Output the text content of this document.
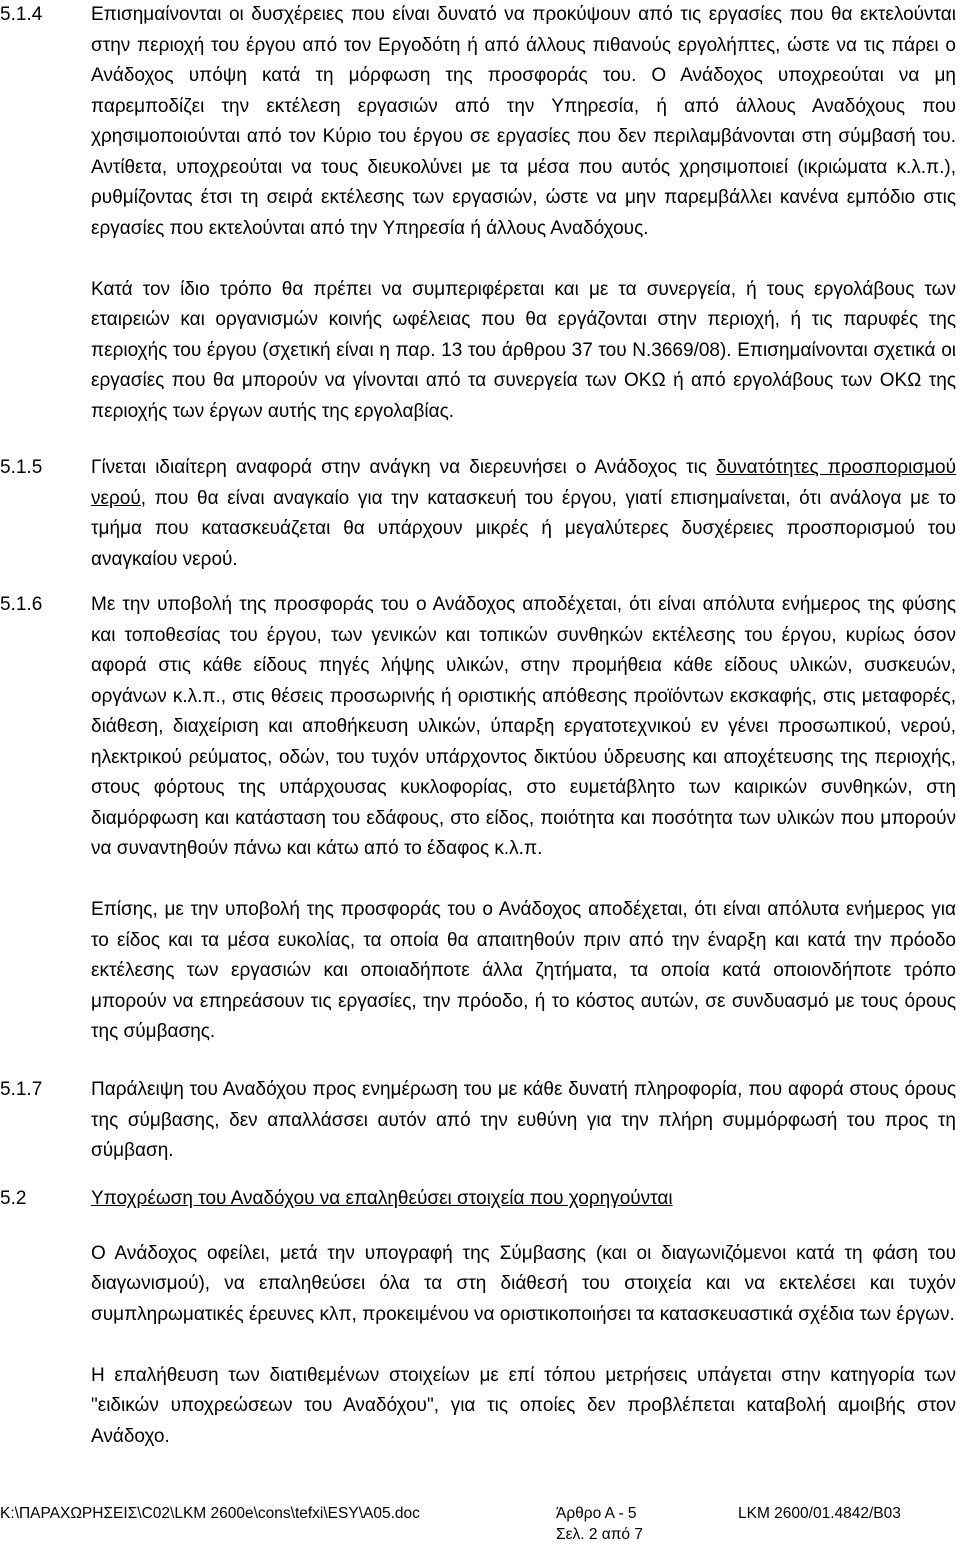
5.1.4	Επισημαίνονται οι δυσχέρειες που είναι δυνατό να προκύψουν από τις εργασίες που θα εκτελούνται στην περιοχή του έργου από τον Εργοδότη ή από άλλους πιθανούς εργολήπτες, ώστε να τις πάρει ο Ανάδοχος υπόψη κατά τη μόρφωση της προσφοράς του. Ο Ανάδοχος υποχρεούται να μη παρεμποδίζει την εκτέλεση εργασιών από την Υπηρεσία, ή από άλλους Αναδόχους που χρησιμοποιούνται από τον Κύριο του έργου σε εργασίες που δεν περιλαμβάνονται στη σύμβασή του. Αντίθετα, υποχρεούται να τους διευκολύνει με τα μέσα που αυτός χρησιμοποιεί (ικριώματα κ.λ.π.), ρυθμίζοντας έτσι τη σειρά εκτέλεσης των εργασιών, ώστε να μην παρεμβάλλει κανένα εμπόδιο στις εργασίες που εκτελούνται από την Υπηρεσία ή άλλους Αναδόχους.

Κατά τον ίδιο τρόπο θα πρέπει να συμπεριφέρεται και με τα συνεργεία, ή τους εργολάβους των εταιρειών και οργανισμών κοινής ωφέλειας που θα εργάζονται στην περιοχή, ή τις παρυφές της περιοχής του έργου (σχετική είναι η παρ. 13 του άρθρου 37 του Ν.3669/08). Επισημαίνονται σχετικά οι εργασίες που θα μπορούν να γίνονται από τα συνεργεία των ΟΚΩ ή από εργολάβους των ΟΚΩ της περιοχής των έργων αυτής της εργολαβίας.

5.1.5	Γίνεται ιδιαίτερη αναφορά στην ανάγκη να διερευνήσει ο Ανάδοχος τις δυνατότητες προσπορισμού νερού, που θα είναι αναγκαίο για την κατασκευή του έργου, γιατί επισημαίνεται, ότι ανάλογα με το τμήμα που κατασκευάζεται θα υπάρχουν μικρές ή μεγαλύτερες δυσχέρειες προσπορισμού του αναγκαίου νερού.

5.1.6	Με την υποβολή της προσφοράς του ο Ανάδοχος αποδέχεται, ότι είναι απόλυτα ενήμερος της φύσης και τοποθεσίας του έργου, των γενικών και τοπικών συνθηκών εκτέλεσης του έργου, κυρίως όσον αφορά στις κάθε είδους πηγές λήψης υλικών, στην προμήθεια κάθε είδους υλικών, συσκευών, οργάνων κ.λ.π., στις θέσεις προσωρινής ή οριστικής απόθεσης προϊόντων εκσκαφής, στις μεταφορές, διάθεση, διαχείριση και αποθήκευση υλικών, ύπαρξη εργατοτεχνικού εν γένει προσωπικού, νερού, ηλεκτρικού ρεύματος, οδών, του τυχόν υπάρχοντος δικτύου ύδρευσης και αποχέτευσης της περιοχής, στους φόρτους της υπάρχουσας κυκλοφορίας, στο ευμετάβλητο των καιρικών συνθηκών, στη διαμόρφωση και κατάσταση του εδάφους, στο είδος, ποιότητα και ποσότητα των υλικών που μπορούν να συναντηθούν πάνω και κάτω από το έδαφος κ.λ.π.

Επίσης, με την υποβολή της προσφοράς του ο Ανάδοχος αποδέχεται, ότι είναι απόλυτα ενήμερος για το είδος και τα μέσα ευκολίας, τα οποία θα απαιτηθούν πριν από την έναρξη και κατά την πρόοδο εκτέλεσης των εργασιών και οποιαδήποτε άλλα ζητήματα, τα οποία κατά οποιονδήποτε τρόπο μπορούν να επηρεάσουν τις εργασίες, την πρόοδο, ή το κόστος αυτών, σε συνδυασμό με τους όρους της σύμβασης.

5.1.7	Παράλειψη του Αναδόχου προς ενημέρωση του με κάθε δυνατή πληροφορία, που αφορά στους όρους της σύμβασης, δεν απαλλάσσει αυτόν από την ευθύνη για την πλήρη συμμόρφωσή του προς τη σύμβαση.

5.2	Υποχρέωση του Αναδόχου να επαληθεύσει στοιχεία που χορηγούνται

Ο Ανάδοχος οφείλει, μετά την υπογραφή της Σύμβασης (και οι διαγωνιζόμενοι κατά τη φάση του διαγωνισμού), να επαληθεύσει όλα τα στη διάθεσή του στοιχεία και να εκτελέσει και τυχόν συμπληρωματικές έρευνες κλπ, προκειμένου να οριστικοποιήσει τα κατασκευαστικά σχέδια των έργων.

Η επαλήθευση των διατιθεμένων στοιχείων με επί τόπου μετρήσεις υπάγεται στην κατηγορία των "ειδικών υποχρεώσεων του Αναδόχου", για τις οποίες δεν προβλέπεται καταβολή αμοιβής στον Ανάδοχο.

K:\ΠΑΡΑΧΩΡΗΣΕΙΣ\C02\LKM 2600e\cons\tefxi\ESY\A05.doc	Άρθρο Α - 5	LKM 2600/01.4842/B03
Σελ. 2 από 7
